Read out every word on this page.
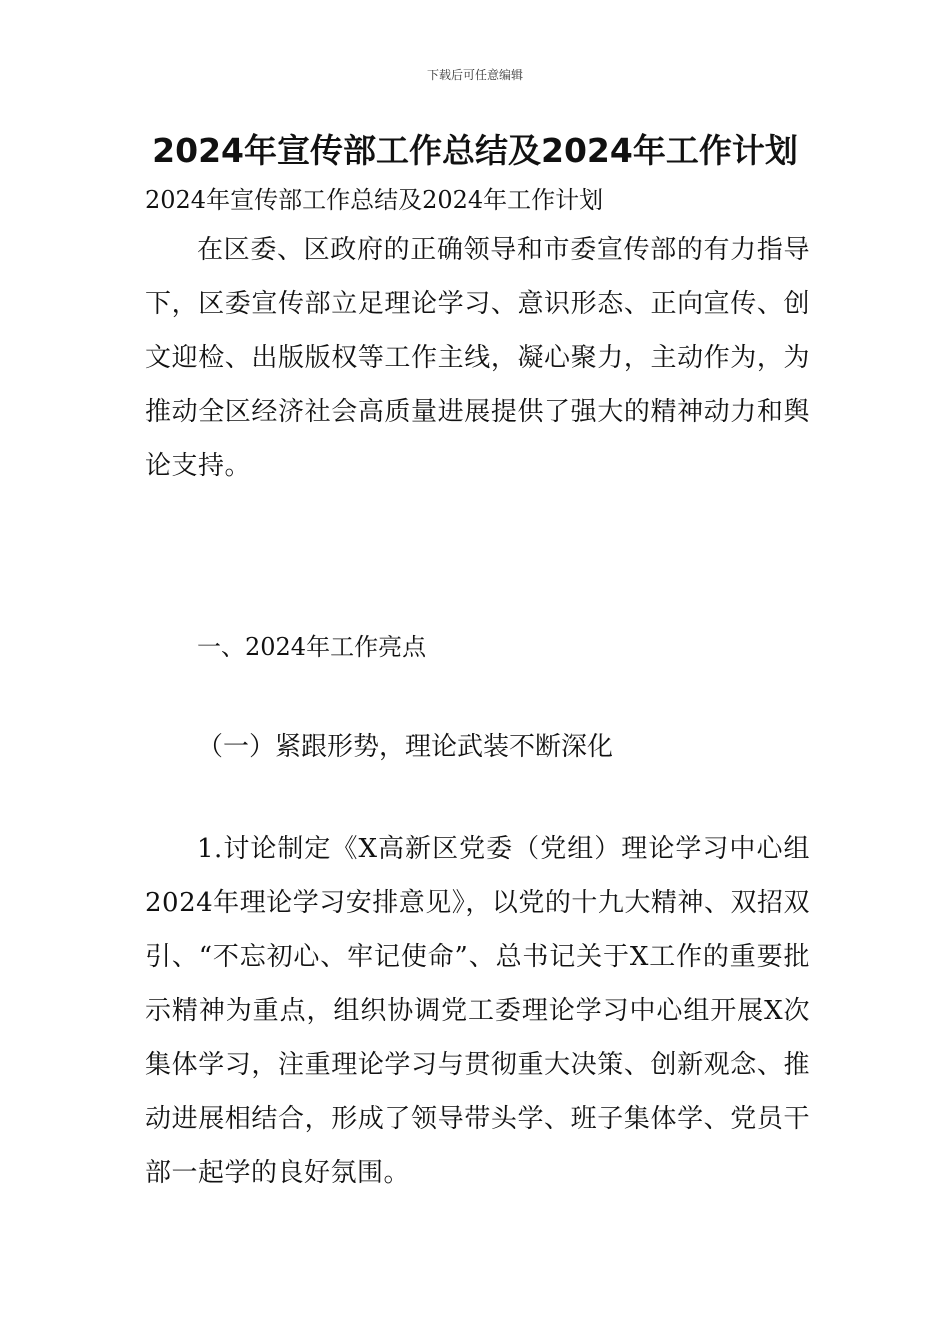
下载后可任意编辑
2024年宣传部工作总结及2024年工作计划
2024年宣传部工作总结及2024年工作计划

在区委、区政府的正确领导和市委宣传部的有力指导下，区委宣传部立足理论学习、意识形态、正向宣传、创文迎检、出版版权等工作主线，凝心聚力，主动作为，为推动全区经济社会高质量进展提供了强大的精神动力和舆论支持。

一、2024年工作亮点
（一）紧跟形势，理论武装不断深化

1.讨论制定《X高新区党委（党组）理论学习中心组2024年理论学习安排意见》，以党的十九大精神、双招双引、“不忘初心、牢记使命”、总书记关于X工作的重要批示精神为重点，组织协调党工委理论学习中心组开展X次集体学习，注重理论学习与贯彻重大决策、创新观念、推动进展相结合，形成了领导带头学、班子集体学、党员干部一起学的良好氛围。
